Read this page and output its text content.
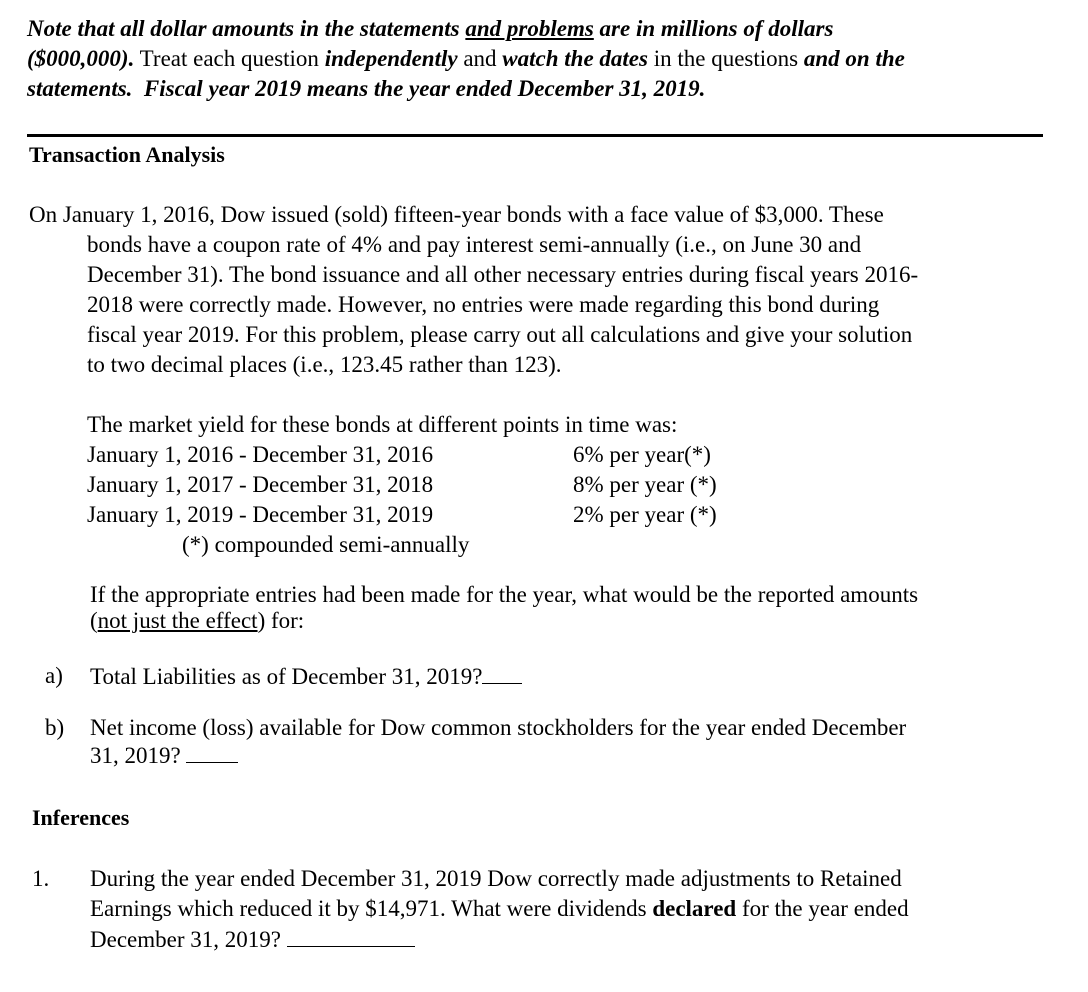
Note that all dollar amounts in the statements and problems are in millions of dollars
($000,000). Treat each question independently and watch the dates in the questions and on the
statements. Fiscal year 2019 means the year ended December 31, 2019.
Transaction Analysis
On January 1, 2016, Dow issued (sold) fifteen-year bonds with a face value of $3,000. These
bonds have a coupon rate of 4% and pay interest semi-annually (i.e., on June 30 and
December 31). The bond issuance and all other necessary entries during fiscal years 2016-
2018 were correctly made. However, no entries were made regarding this bond during
fiscal year 2019. For this problem, please carry out all calculations and give your solution
to two decimal places (i.e., 123.45 rather than 123).
The market yield for these bonds at different points in time was:
January 1, 2016 - December 31, 2016	6% per year(*)
January 1, 2017 - December 31, 2018	8% per year (*)
January 1, 2019 - December 31, 2019	2% per year (*)
(*) compounded semi-annually
If the appropriate entries had been made for the year, what would be the reported amounts
(not just the effect) for:
a) Total Liabilities as of December 31, 2019?
b) Net income (loss) available for Dow common stockholders for the year ended December
31, 2019?
Inferences
1. During the year ended December 31, 2019 Dow correctly made adjustments to Retained
Earnings which reduced it by $14,971. What were dividends declared for the year ended
December 31, 2019?
